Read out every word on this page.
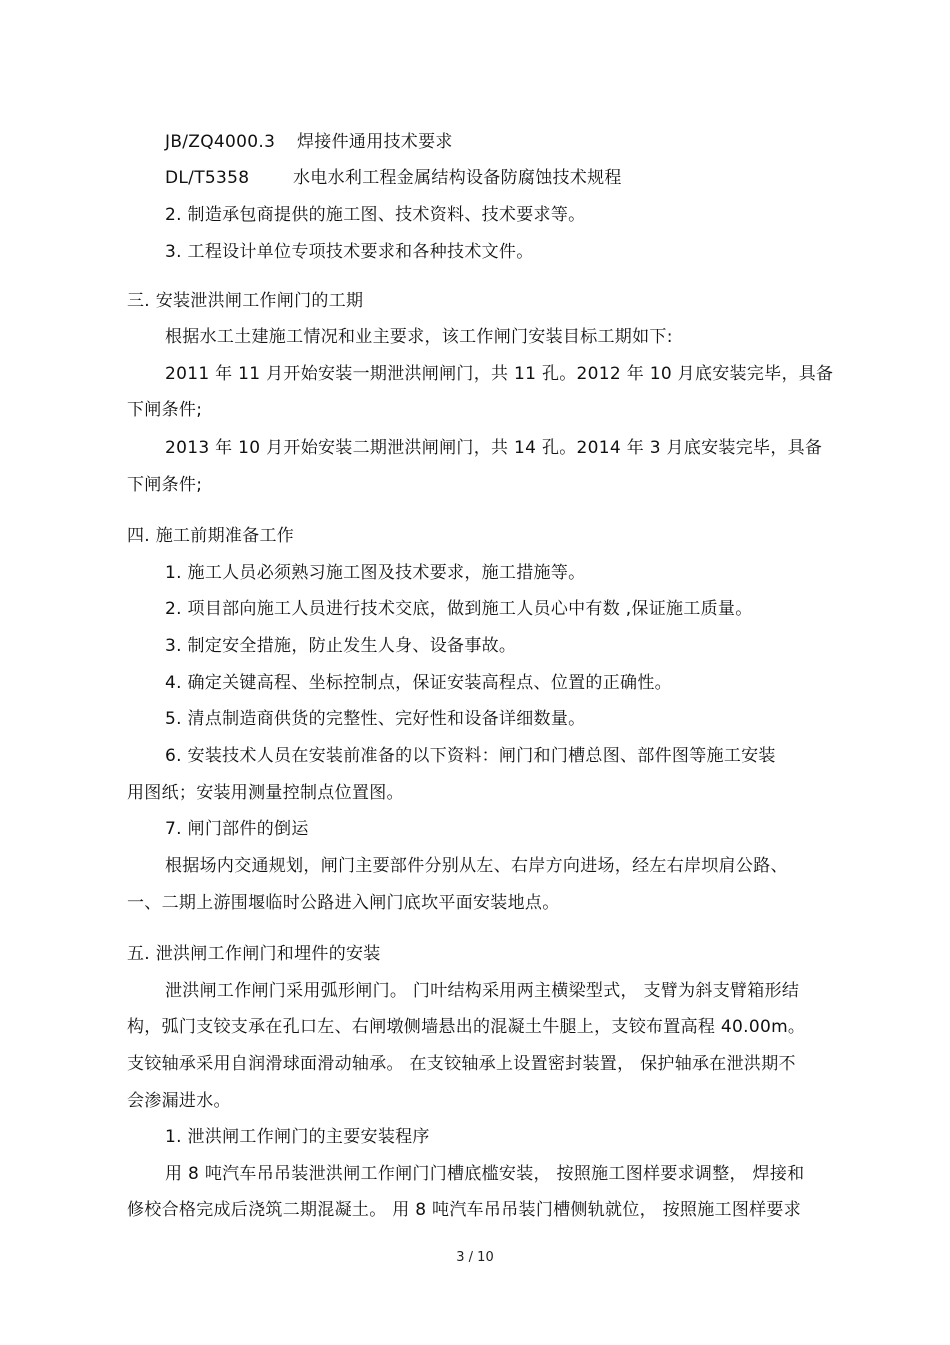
JB/ZQ4000.3 焊接件通用技术要求
DL/T5358	水电水利工程金属结构设备防腐蚀技术规程
2. 制造承包商提供的施工图、技术资料、技术要求等。
3. 工程设计单位专项技术要求和各种技术文件。
三. 安装泄洪闸工作闸门的工期
根据水工土建施工情况和业主要求，该工作闸门安装目标工期如下:
2011 年 11 月开始安装一期泄洪闸闸门，共 11 孔。2012 年 10 月底安装完毕，具备
下闸条件;
2013 年 10 月开始安装二期泄洪闸闸门，共 14 孔。2014 年 3 月底安装完毕，具备
下闸条件;
四. 施工前期准备工作
1. 施工人员必须熟习施工图及技术要求，施工措施等。
2. 项目部向施工人员进行技术交底，做到施工人员心中有数 ,保证施工质量。
3. 制定安全措施，防止发生人身、设备事故。
4. 确定关键高程、坐标控制点，保证安装高程点、位置的正确性。
5. 清点制造商供货的完整性、完好性和设备详细数量。
6. 安装技术人员在安装前准备的以下资料：闸门和门槽总图、部件图等施工安装
用图纸；安装用测量控制点位置图。
7. 闸门部件的倒运
根据场内交通规划，闸门主要部件分别从左、右岸方向进场，经左右岸坝肩公路、
一、二期上游围堰临时公路进入闸门底坎平面安装地点。
五. 泄洪闸工作闸门和埋件的安装
泄洪闸工作闸门采用弧形闸门。 门叶结构采用两主横梁型式， 支臂为斜支臂箱形结
构，弧门支铰支承在孔口左、右闸墩侧墙悬出的混凝土牛腿上，支铰布置高程 40.00m。
支铰轴承采用自润滑球面滑动轴承。 在支铰轴承上设置密封装置， 保护轴承在泄洪期不
会渗漏进水。
1. 泄洪闸工作闸门的主要安装程序
用 8 吨汽车吊吊装泄洪闸工作闸门门槽底槛安装， 按照施工图样要求调整， 焊接和
修校合格完成后浇筑二期混凝土。 用 8 吨汽车吊吊装门槽侧轨就位， 按照施工图样要求
3 / 10
